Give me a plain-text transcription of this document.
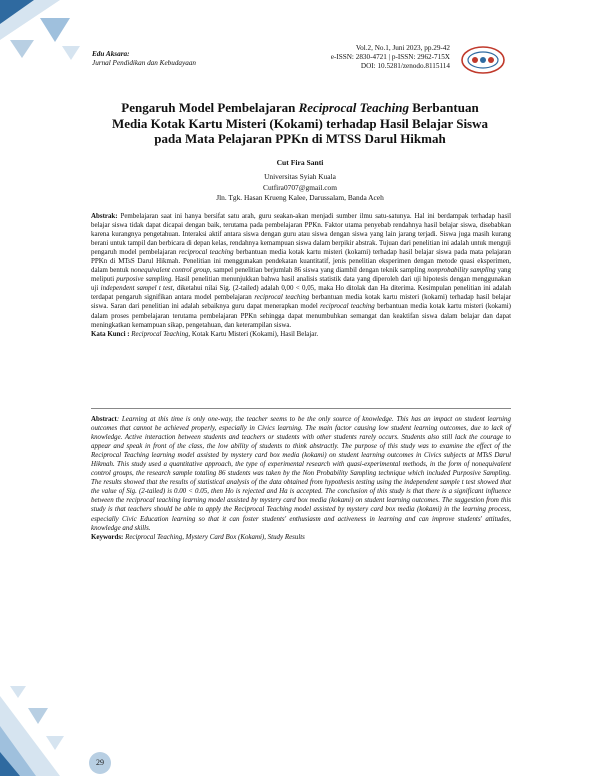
Edu Aksara:
Jurnal Pendidikan dan Kebudayaan
Vol.2, No.1, Juni 2023, pp.29-42
e-ISSN: 2830-4721 | p-ISSN: 2962-715X
DOI: 10.5281/zenodo.8115114
Pengaruh Model Pembelajaran Reciprocal Teaching Berbantuan Media Kotak Kartu Misteri (Kokami) terhadap Hasil Belajar Siswa pada Mata Pelajaran PPKn di MTSS Darul Hikmah
Cut Fira Santi
Universitas Syiah Kuala
Cutfira0707@gmail.com
Jln. Tgk. Hasan Krueng Kalee, Darussalam, Banda Aceh
Abstrak: Pembelajaran saat ini hanya bersifat satu arah, guru seakan-akan menjadi sumber ilmu satu-satunya. Hal ini berdampak terhadap hasil belajar siswa tidak dapat dicapai dengan baik, terutama pada pembelajaran PPKn. Faktor utama penyebab rendahnya hasil belajar siswa, disebabkan karena kurangnya pengetahuan. Interaksi aktif antara siswa dengan guru atau siswa dengan siswa yang lain jarang terjadi. Siswa juga masih kurang berani untuk tampil dan berbicara di depan kelas, rendahnya kemampuan siswa dalam berpikir abstrak. Tujuan dari penelitian ini adalah untuk menguji pengaruh model pembelajaran reciprocal teaching berbantuan media kotak kartu misteri (kokami) terhadap hasil belajar siswa pada mata pelajaran PPKn di MTsS Darul Hikmah. Penelitian ini menggunakan pendekatan kuantitatif, jenis penelitian eksperimen dengan metode quasi eksperimen, dalam bentuk nonequivalent control group, sampel penelitian berjumlah 86 siswa yang diambil dengan teknik sampling nonprobability sampling yang meliputi purposive sampling. Hasil penelitian menunjukkan bahwa hasil analisis statistik data yang diperoleh dari uji hipotesis dengan menggunakan uji independent sampel t test, diketahui nilai Sig. (2-tailed) adalah 0,00 < 0,05, maka Ho ditolak dan Ha diterima. Kesimpulan penelitian ini adalah terdapat pengaruh signifikan antara model pembelajaran reciprocal teaching berbantuan media kotak kartu misteri (kokami) terhadap hasil belajar siswa. Saran dari penelitian ini adalah sebaiknya guru dapat menerapkan model reciprocal teaching berbantuan media kotak kartu misteri (kokami) dalam proses pembelajaran terutama pembelajaran PPKn sehingga dapat menumbuhkan semangat dan keaktifan siswa dalam belajar dan dapat meningkatkan kemampuan sikap, pengetahuan, dan keterampilan siswa.
Kata Kunci : Reciprocal Teaching, Kotak Kartu Misteri (Kokami), Hasil Belajar.
Abstract: Learning at this time is only one-way, the teacher seems to be the only source of knowledge. This has an impact on student learning outcomes that cannot be achieved properly, especially in Civics learning. The main factor causing low student learning outcomes, due to lack of knowledge. Active interaction between students and teachers or students with other students rarely occurs. Students also still lack the courage to appear and speak in front of the class, the low ability of students to think abstractly. The purpose of this study was to examine the effect of the Reciprocal Teaching learning model assisted by mystery card box media (kokami) on student learning outcomes in Civics subjects at MTsS Darul Hikmah. This study used a quantitative approach, the type of experimental research with quasi-experimental methods, in the form of nonequivalent control groups, the research sample totaling 86 students was taken by the Non Probability Sampling technique which included Purposive Sampling. The results showed that the results of statistical analysis of the data obtained from hypothesis testing using the independent sample t test showed that the value of Sig. (2-tailed) is 0.00 < 0.05, then Ho is rejected and Ha is accepted. The conclusion of this study is that there is a significant influence between the reciprocal teaching learning model assisted by mystery card box media (kokami) on student learning outcomes. The suggestion from this study is that teachers should be able to apply the Reciprocal Teaching model assisted by mystery card box media (kokami) in the learning process, especially Civic Education learning so that it can foster students' enthusiasm and activeness in learning and can improve students' attitudes, knowledge and skills.
Keywords: Reciprocal Teaching, Mystery Card Box (Kokami), Study Results
29
